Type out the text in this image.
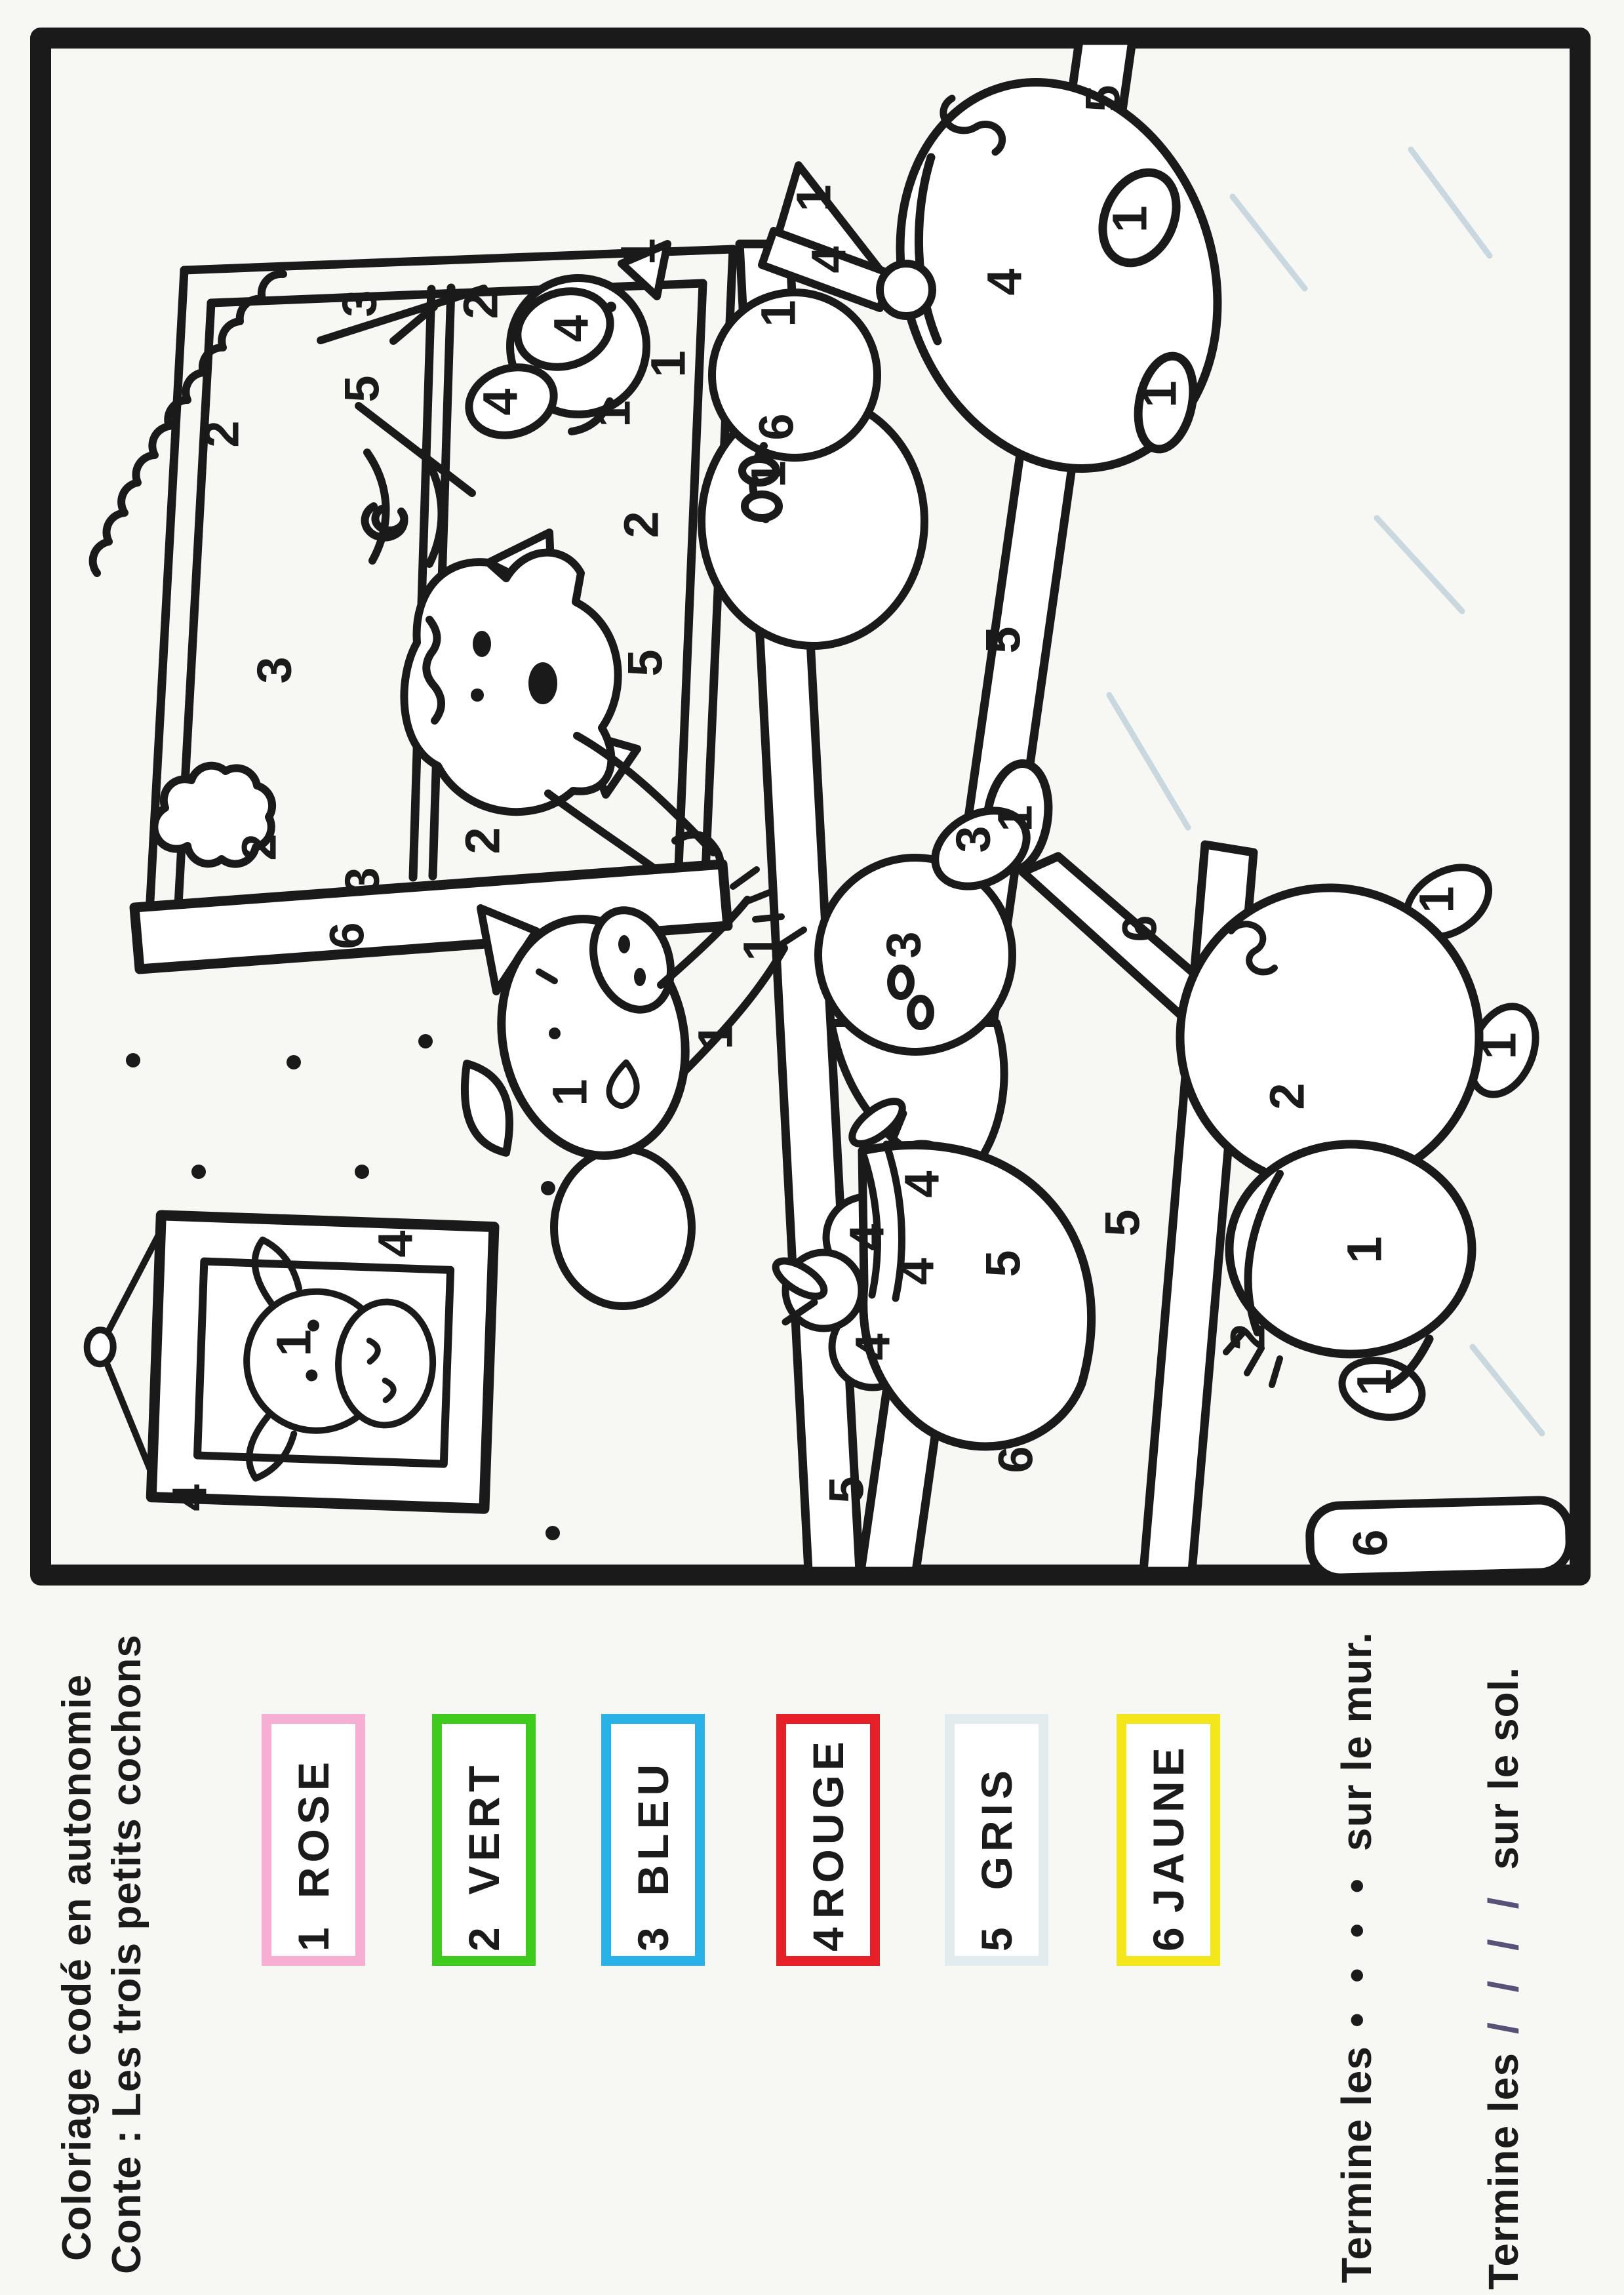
3
5
2
2
3
2
5
2
2
3
6
1
4
4
1
1
1
4
1
6
1
4
1
1
5
5
1
3
3
4
4
4
4
5
5
6
6
5
1
1
1
1
1
2
1
2
1
6
4
4
1
1
ROSE
2
VERT
3
BLEU
4
ROUGE
5
GRIS
6
JAUNE
Coloriage codé en autonomie Conte : Les trois petits cochons	Termine les• • • •sur le mur.
Termine les/ / / /sur le sol.
